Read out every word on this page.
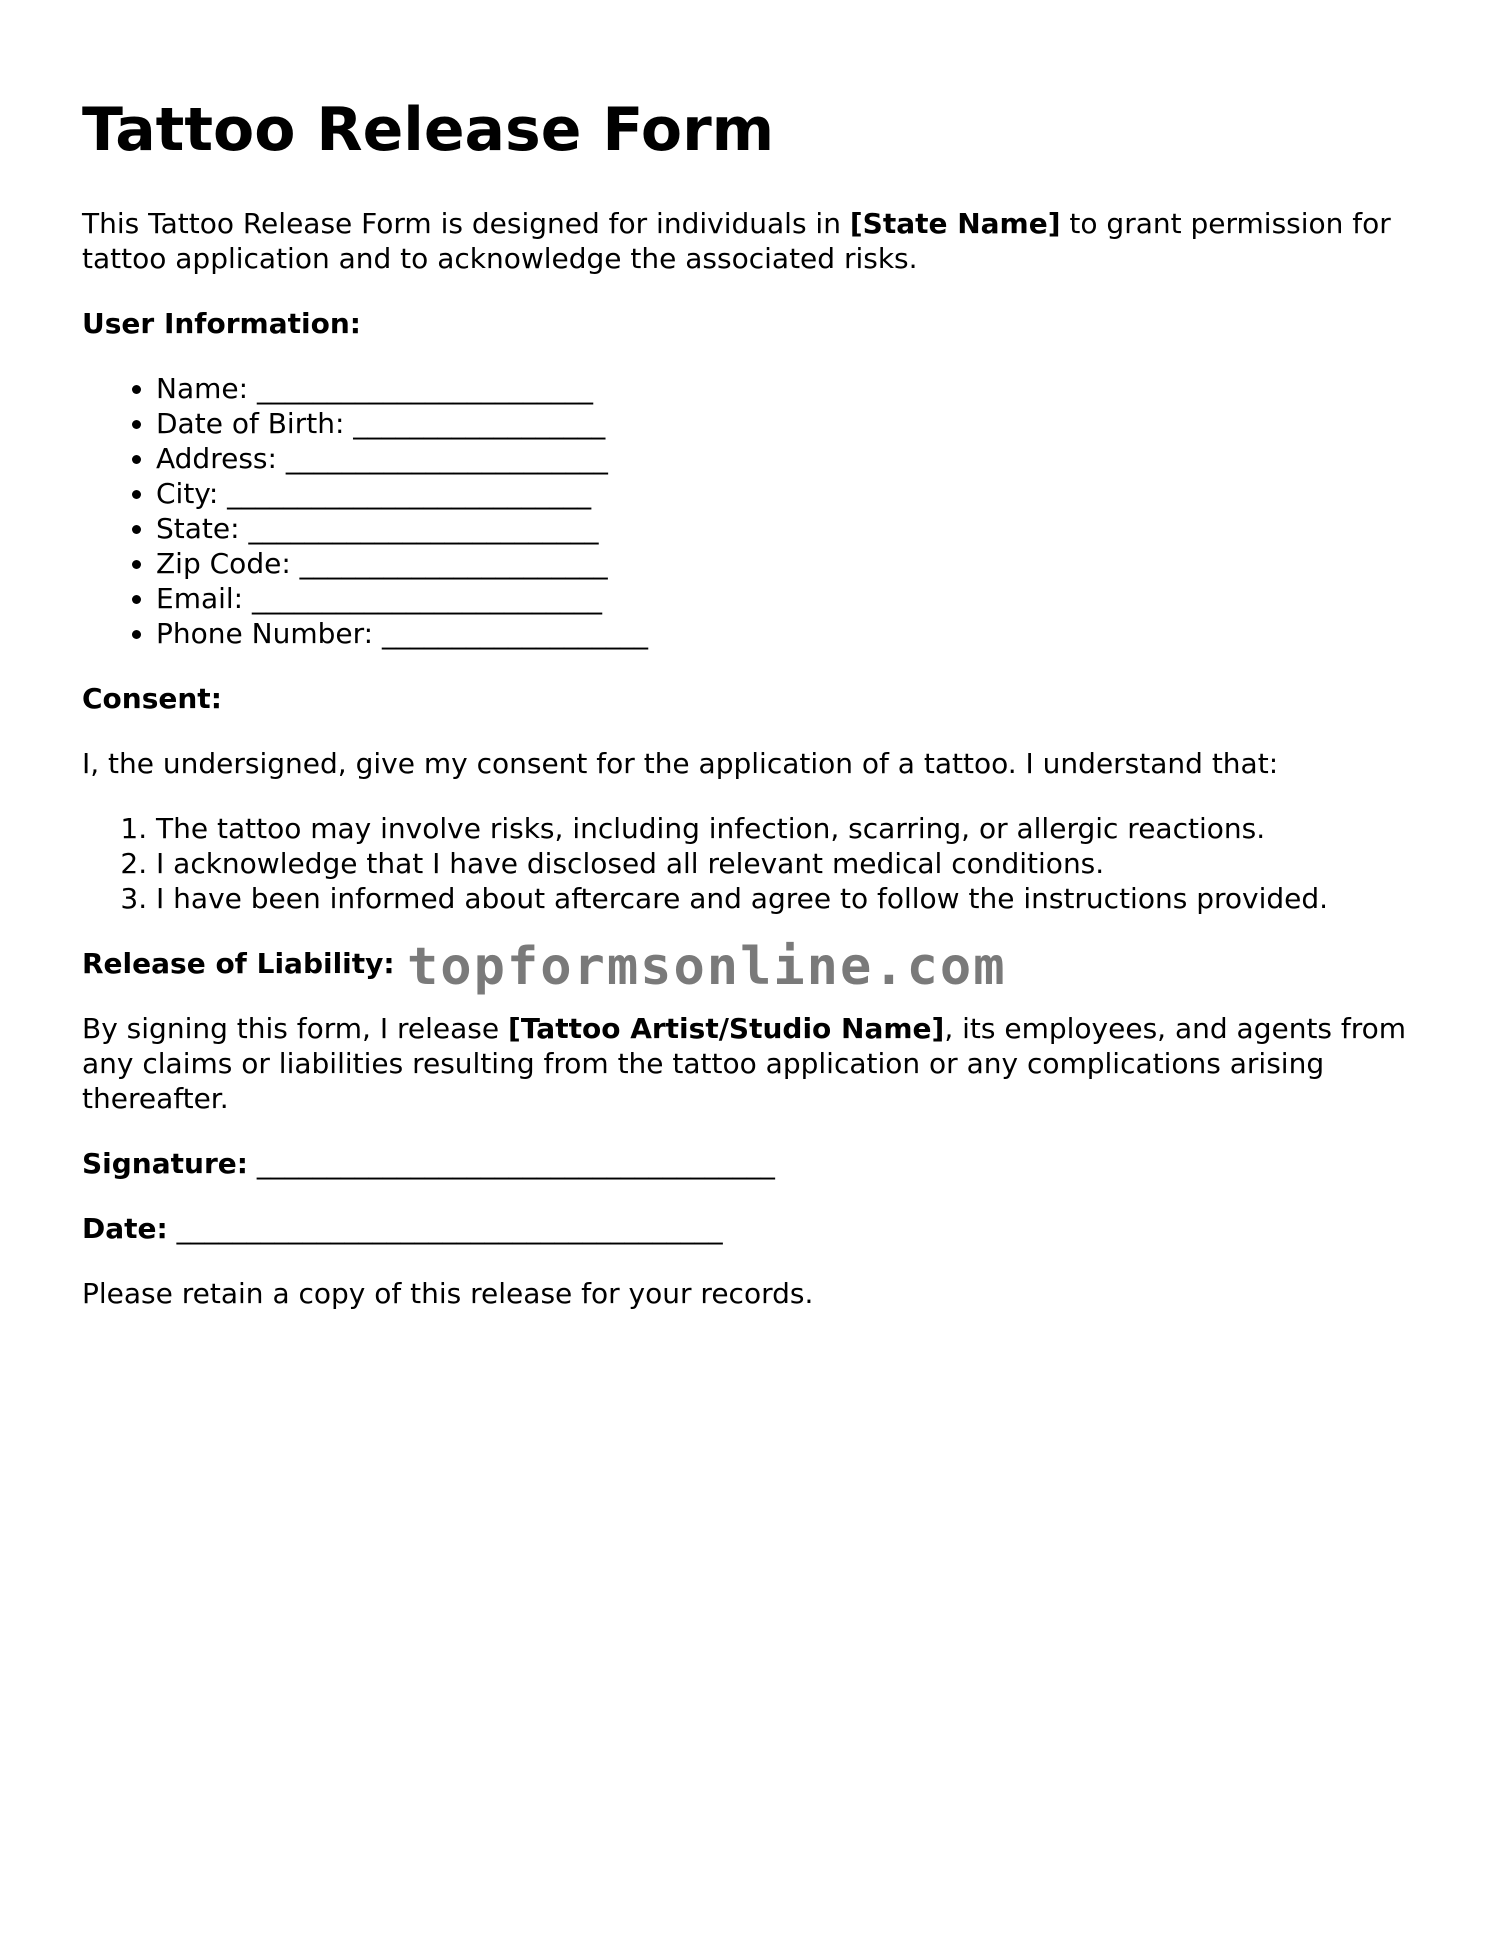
Tattoo Release Form

This Tattoo Release Form is designed for individuals in [State Name] to grant permission for tattoo application and to acknowledge the associated risks.

User Information:
• Name: ________________________
• Date of Birth: __________________
• Address: _______________________
• City: __________________________
• State: _________________________
• Zip Code: ______________________
• Email: _________________________
• Phone Number: ___________________
Consent:

I, the undersigned, give my consent for the application of a tattoo. I understand that:

1. The tattoo may involve risks, including infection, scarring, or allergic reactions.
2. I acknowledge that I have disclosed all relevant medical conditions.
3. I have been informed about aftercare and agree to follow the instructions provided.
Release of Liability: topformsonline.com

By signing this form, I release [Tattoo Artist/Studio Name], its employees, and agents from any claims or liabilities resulting from the tattoo application or any complications arising thereafter.

Signature: _____________________________________

Date: _______________________________________

Please retain a copy of this release for your records.
